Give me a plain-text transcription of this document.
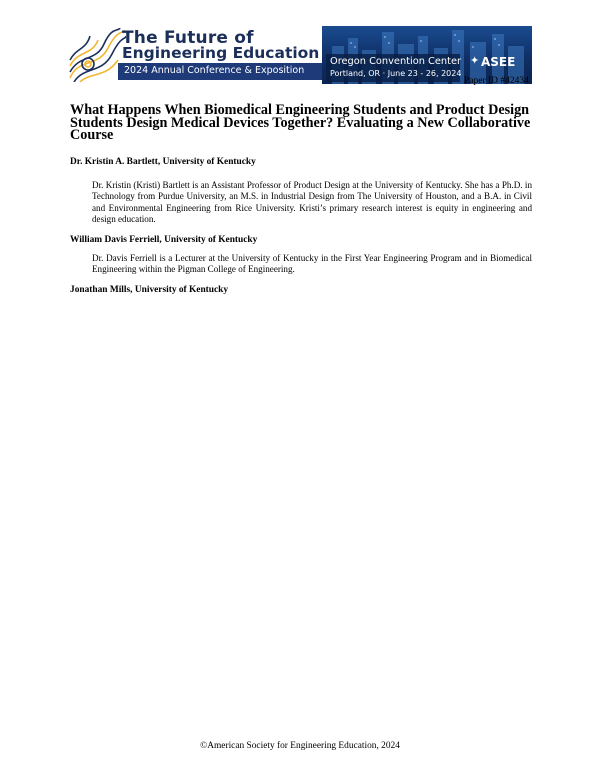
The Future of
Engineering Education
2024 Annual Conference & Exposition
Oregon Convention Center
Portland, OR · June 23 - 26, 2024
✦ ASEE
Paper ID #42434
What Happens When Biomedical Engineering Students and Product Design Students Design Medical Devices Together? Evaluating a New Collaborative Course
Dr. Kristin A. Bartlett, University of Kentucky
Dr. Kristin (Kristi) Bartlett is an Assistant Professor of Product Design at the University of Kentucky. She has a Ph.D. in Technology from Purdue University, an M.S. in Industrial Design from The University of Houston, and a B.A. in Civil and Environmental Engineering from Rice University. Kristi’s primary research interest is equity in engineering and design education.
William Davis Ferriell, University of Kentucky
Dr. Davis Ferriell is a Lecturer at the University of Kentucky in the First Year Engineering Program and in Biomedical Engineering within the Pigman College of Engineering.
Jonathan Mills, University of Kentucky
©American Society for Engineering Education, 2024
